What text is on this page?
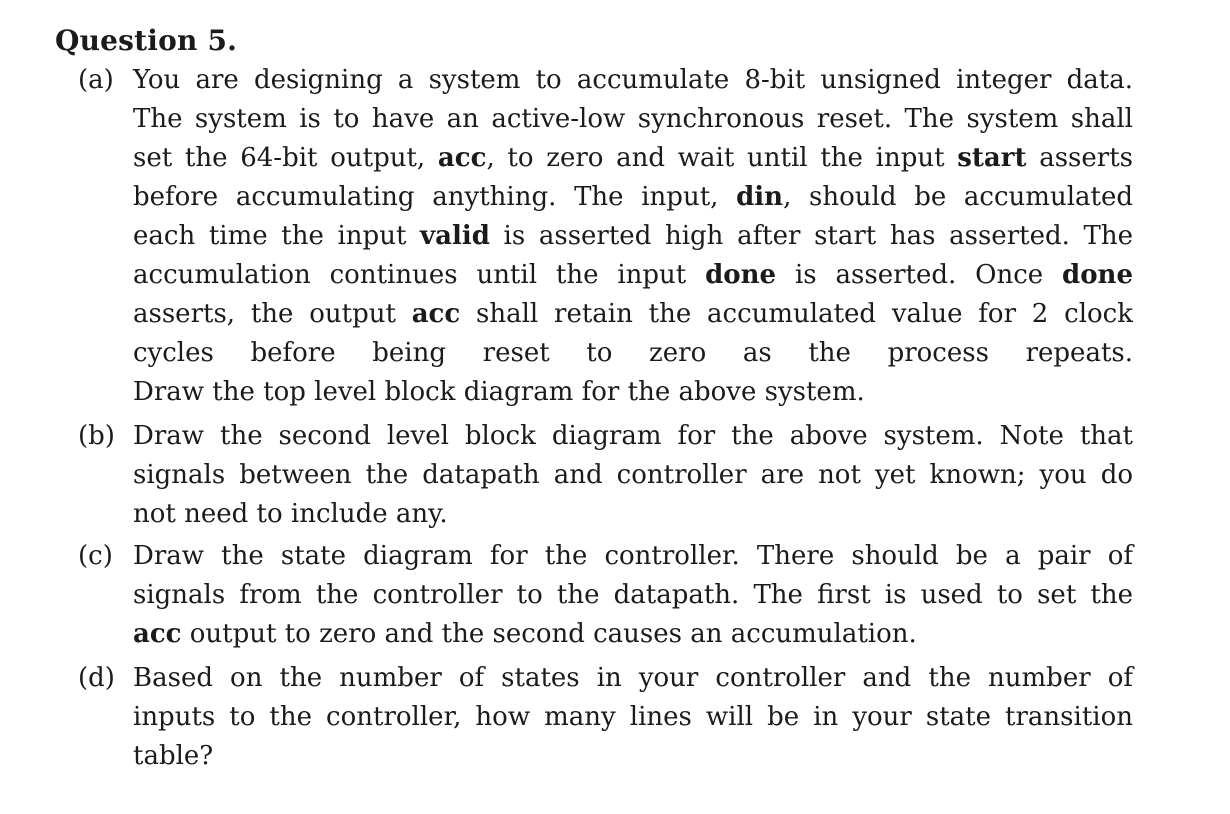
Question 5.
(a) You are designing a system to accumulate 8-bit unsigned integer data.
The system is to have an active-low synchronous reset. The system shall
set the 64-bit output, acc, to zero and wait until the input start asserts
before accumulating anything. The input, din, should be accumulated
each time the input valid is asserted high after start has asserted. The
accumulation continues until the input done is asserted. Once done
asserts, the output acc shall retain the accumulated value for 2 clock
cycles before being reset to zero as the process repeats.
Draw the top level block diagram for the above system.
(b) Draw the second level block diagram for the above system. Note that
signals between the datapath and controller are not yet known; you do
not need to include any.
(c) Draw the state diagram for the controller. There should be a pair of
signals from the controller to the datapath. The first is used to set the
acc output to zero and the second causes an accumulation.
(d) Based on the number of states in your controller and the number of
inputs to the controller, how many lines will be in your state transition
table?
